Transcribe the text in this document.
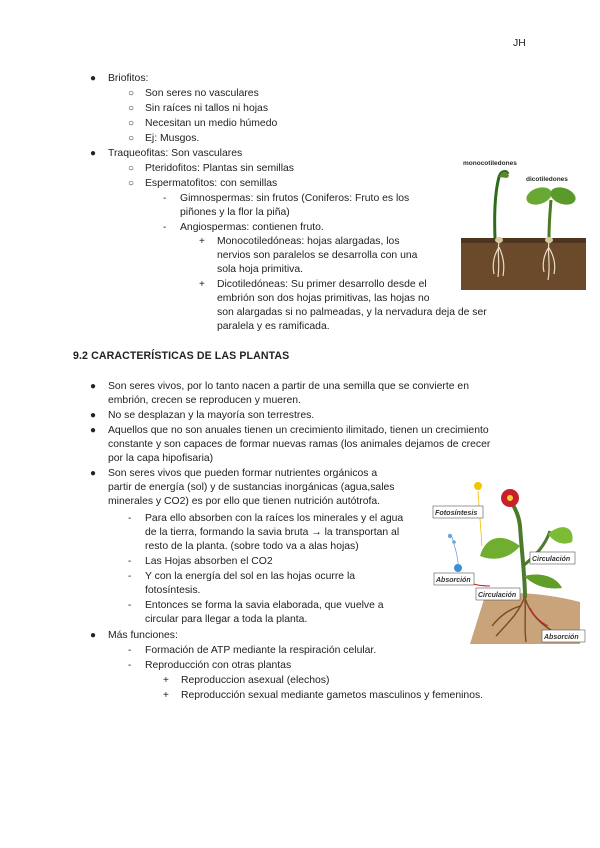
JH
● Briofitos:
○ Son seres no vasculares
○ Sin raíces ni tallos ni hojas
○ Necesitan un medio húmedo
○ Ej: Musgos.
● Traqueofitas: Son vasculares
○ Pteridofitos: Plantas sin semillas
○ Espermatofitos: con semillas
- Gimnospermas: sin frutos (Coniferos: Fruto es los
piñones y la flor la piña)
- Angiospermas: contienen fruto.
+ Monocotiledóneas: hojas alargadas, los
nervios son paralelos se desarrolla con una
sola hoja primitiva.
+ Dicotiledóneas: Su primer desarrollo desde el
embrión son dos hojas primitivas, las hojas no
son alargadas si no palmeadas, y la nervadura deja de ser
paralela y es ramificada.
monocotiledones
dicotiledones
9.2 CARACTERÍSTICAS DE LAS PLANTAS
● Son seres vivos, por lo tanto nacen a partir de una semilla que se convierte en
embrión, crecen se reproducen y mueren.
● No se desplazan y la mayoría son terrestres.
● Aquellos que no son anuales tienen un crecimiento ilimitado, tienen un crecimiento
constante y son capaces de formar nuevas ramas (los animales dejamos de crecer
por la capa hipofisaria)
● Son seres vivos que pueden formar nutrientes orgánicos a
partir de energía (sol) y de sustancias inorgánicas (agua,sales
minerales y CO2) es por ello que tienen nutrición autótrofa.
- Para ello absorben con la raíces los minerales y el agua
de la tierra, formando la savia bruta → la transportan al
resto de la planta. (sobre todo va a alas hojas)
- Las Hojas absorben el CO2
- Y con la energía del sol en las hojas ocurre la
fotosíntesis.
- Entonces se forma la savia elaborada, que vuelve a
circular para llegar a toda la planta.
● Más funciones:
- Formación de ATP mediante la respiración celular.
- Reproducción con otras plantas
+ Reproduccion asexual (elechos)
+ Reproducción sexual mediante gametos masculinos y femeninos.
Fotosíntesis
Circulación
Absorción
Circulación
Absorción
